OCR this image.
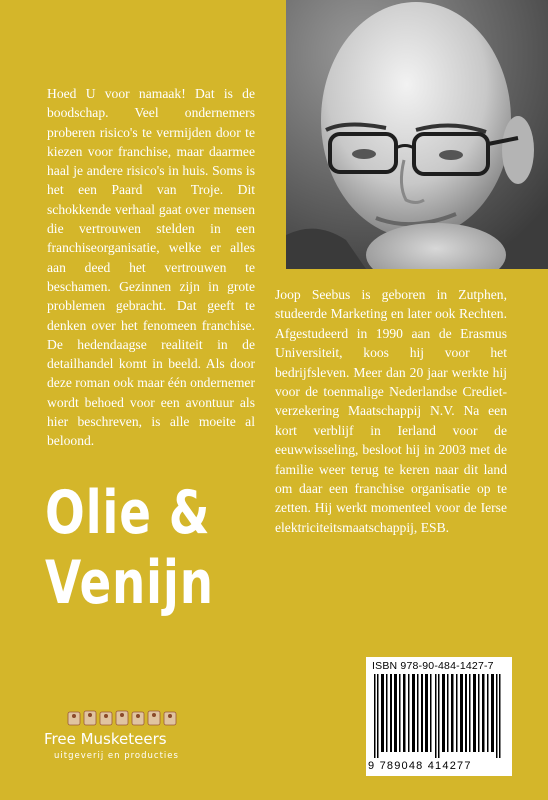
Hoed U voor namaak! Dat is de boodschap. Veel ondernemers proberen risico's te vermijden door te kiezen voor franchise, maar daarmee haal je andere risico's in huis. Soms is het een Paard van Troje. Dit schokkende verhaal gaat over mensen die vertrouwen stelden in een franchiseorganisatie, welke er alles aan deed het vertrouwen te beschamen. Gezinnen zijn in grote problemen gebracht. Dat geeft te denken over het fenomeen franchise. De hedendaagse realiteit in de detailhandel komt in beeld. Als door deze roman ook maar één ondernemer wordt behoed voor een avontuur als hier beschreven, is alle moeite al beloond.

Olie &
Venijn

Joop Seebus is geboren in Zutphen, studeerde Marketing en later ook Rechten. Afgestudeerd in 1990 aan de Erasmus Universiteit, koos hij voor het bedrijfsleven. Meer dan 20 jaar werkte hij voor de toenmalige Nederlandse Crediet-verzekering Maatschappij N.V. Na een kort verblijf in Ierland voor de eeuwwisseling, besloot hij in 2003 met de familie weer terug te keren naar dit land om daar een franchise organisatie op te zetten. Hij werkt momenteel voor de Ierse elektriciteitsmaatschappij, ESB.

ISBN 978-90-484-1427-7
9 789048 414277
Free Musketeers
uitgeverij en producties
